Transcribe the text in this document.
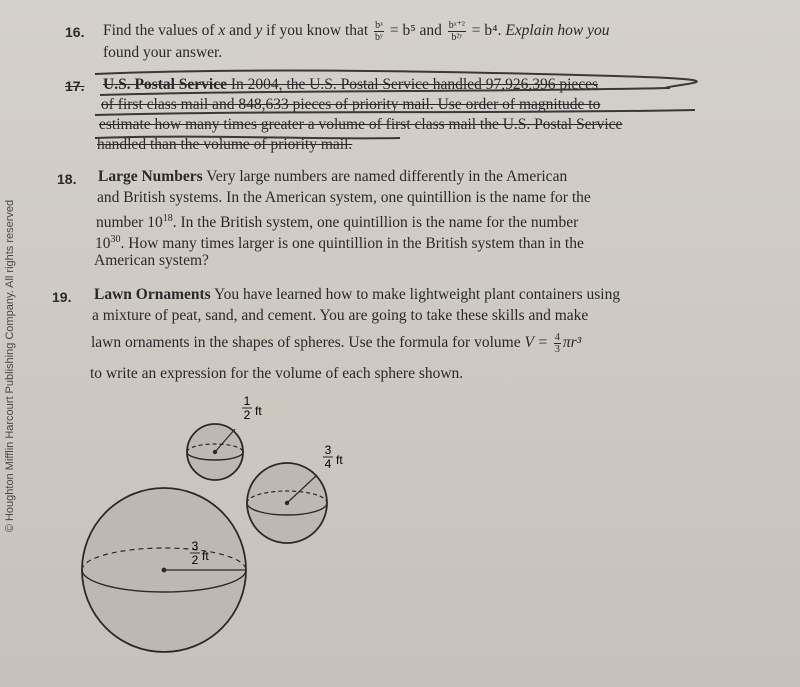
© Houghton Mifflin Harcourt Publishing Company. All rights reserved
16. Find the values of x and y if you know that $\frac{\text{bˣ}}{\text{bʸ}} = b^5$ and $\frac{\text{bˣ⁺²}}{\text{b²ʸ}} = b^4$. Explain how you
found your answer.
17. U.S. Postal Service In 2004, the U.S. Postal Service handled 97,926,396 pieces
of first class mail and 848,633 pieces of priority mail. Use order of magnitude to
estimate how many times greater a volume of first class mail the U.S. Postal Service
handled than the volume of priority mail.
18. Large Numbers Very large numbers are named differently in the American
and British systems. In the American system, one quintillion is the name for the
number $10^{18}$. In the British system, one quintillion is the name for the number
$10^{30}$. How many times larger is one quintillion in the British system than in the
American system?
19. Lawn Ornaments You have learned how to make lightweight plant containers using
a mixture of peat, sand, and cement. You are going to take these skills and make
lawn ornaments in the shapes of spheres. Use the formula for volume $V = \frac{4}{3} \pi r^3$
to write an expression for the volume of each sphere shown.
1
2 ft
3
4 ft
3
2 ft
